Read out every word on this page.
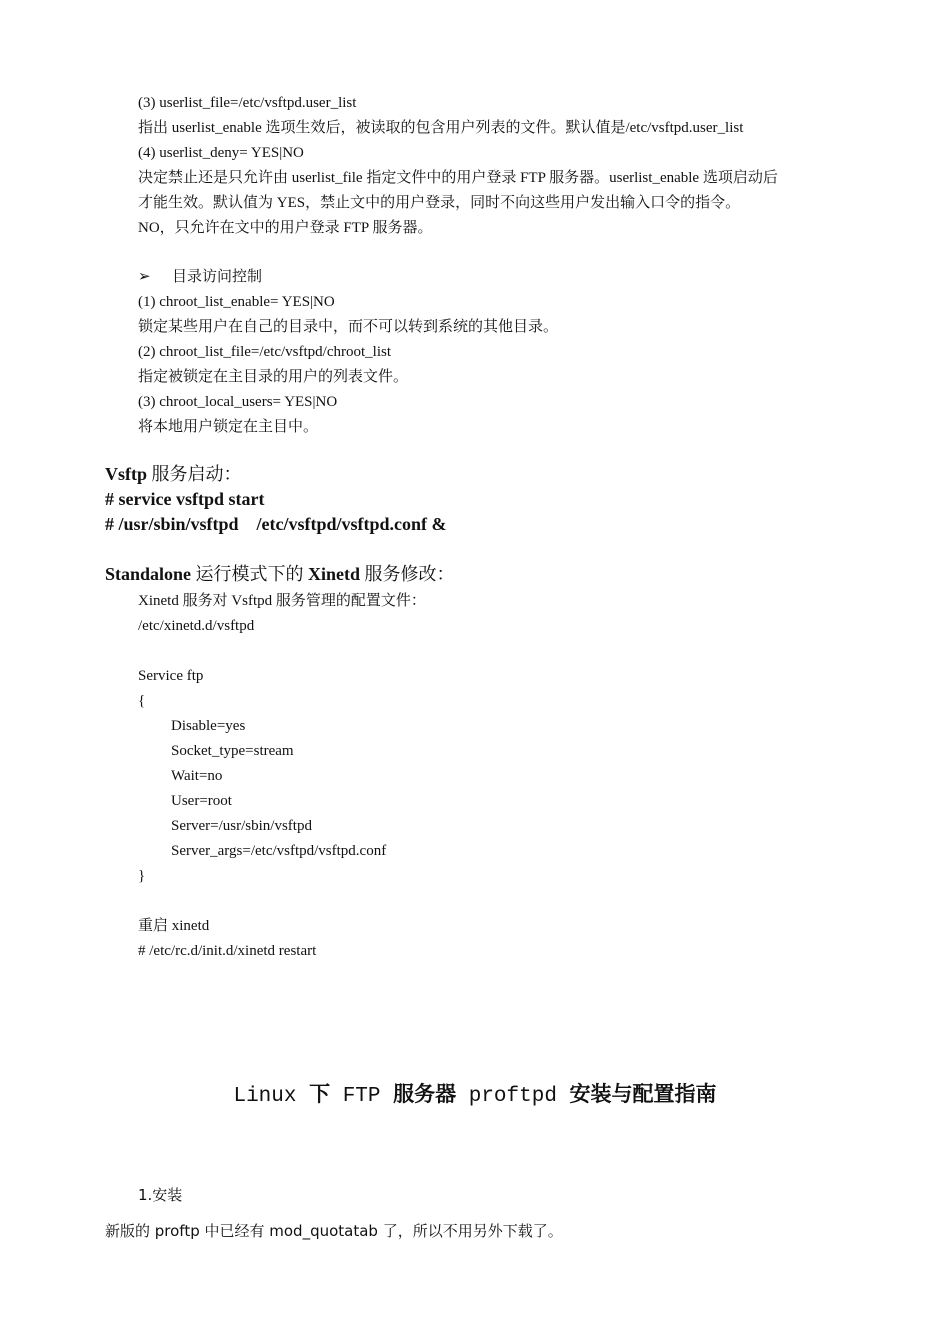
(3) userlist_file=/etc/vsftpd.user_list
指出 userlist_enable 选项生效后，被读取的包含用户列表的文件。默认值是/etc/vsftpd.user_list
(4) userlist_deny= YES|NO
决定禁止还是只允许由 userlist_file 指定文件中的用户登录 FTP 服务器。userlist_enable 选项启动后
才能生效。默认值为 YES，禁止文中的用户登录，同时不向这些用户发出输入口令的指令。
NO，只允许在文中的用户登录 FTP 服务器。
➢ 目录访问控制
(1) chroot_list_enable= YES|NO
锁定某些用户在自己的目录中，而不可以转到系统的其他目录。
(2) chroot_list_file=/etc/vsftpd/chroot_list
指定被锁定在主目录的用户的列表文件。
(3) chroot_local_users= YES|NO
将本地用户锁定在主目中。
Vsftp 服务启动：
# service vsftpd start
# /usr/sbin/vsftpd    /etc/vsftpd/vsftpd.conf &
Standalone 运行模式下的 Xinetd 服务修改：
Xinetd 服务对 Vsftpd 服务管理的配置文件：
/etc/xinetd.d/vsftpd
Service ftp
{
Disable=yes
Socket_type=stream
Wait=no
User=root
Server=/usr/sbin/vsftpd
Server_args=/etc/vsftpd/vsftpd.conf
}
重启 xinetd
# /etc/rc.d/init.d/xinetd restart
Linux 下 FTP 服务器 proftpd 安装与配置指南
1.安装
新版的 proftp 中已经有 mod_quotatab 了，所以不用另外下载了。
